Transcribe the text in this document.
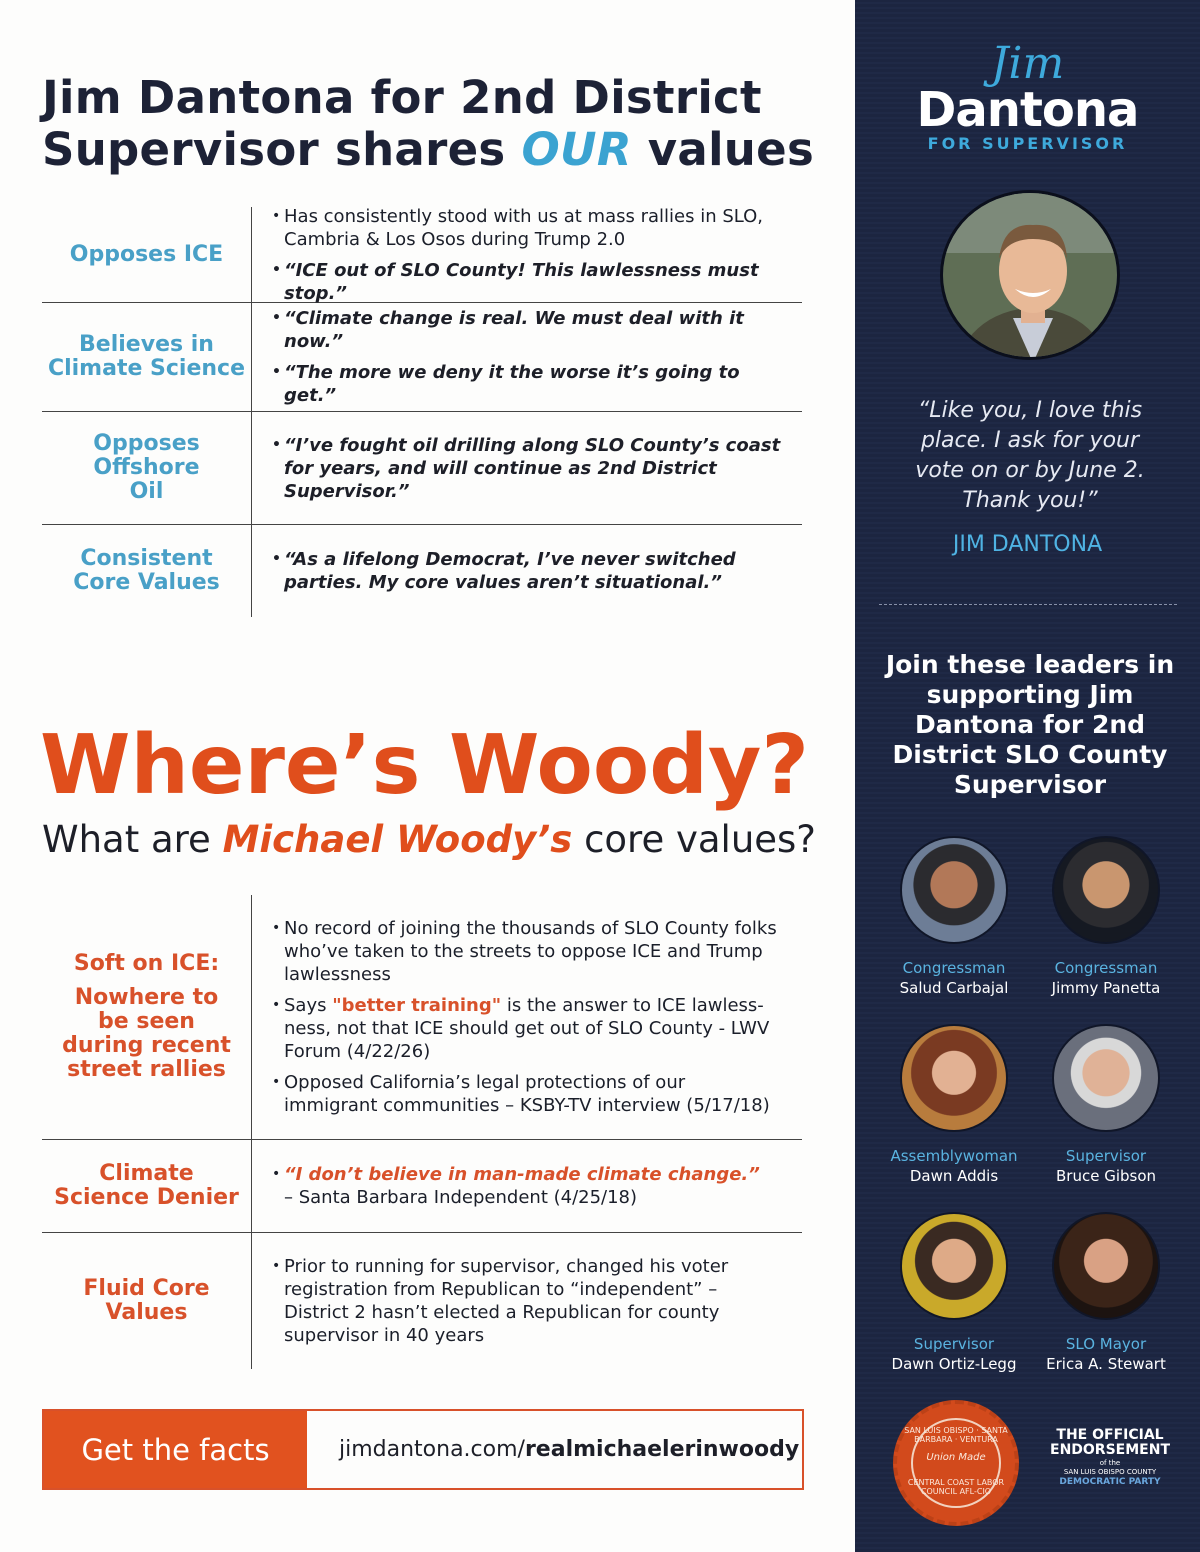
Jim Dantona for 2nd District
Supervisor shares OUR values
Opposes ICE
• Has consistently stood with us at mass rallies in SLO, Cambria & Los Osos during Trump 2.0
• “ICE out of SLO County! This lawlessness must stop.”
Believes in Climate Science
• “Climate change is real. We must deal with it now.”
• “The more we deny it the worse it’s going to get.”
Opposes Offshore Oil
• “I’ve fought oil drilling along SLO County’s coast for years, and will continue as 2nd District Supervisor.”
Consistent Core Values
• “As a lifelong Democrat, I’ve never switched parties. My core values aren’t situational.”
Where’s Woody?
What are Michael Woody’s core values?
Soft on ICE:
Nowhere to be seen during recent street rallies
• No record of joining the thousands of SLO County folks who’ve taken to the streets to oppose ICE and Trump lawlessness
• Says "better training" is the answer to ICE lawless-ness, not that ICE should get out of SLO County - LWV Forum (4/22/26)
• Opposed California’s legal protections of our immigrant communities – KSBY-TV interview (5/17/18)
Climate Science Denier
• “I don’t believe in man-made climate change.”
– Santa Barbara Independent (4/25/18)
Fluid Core Values
• Prior to running for supervisor, changed his voter registration from Republican to “independent” – District 2 hasn’t elected a Republican for county supervisor in 40 years
Get the facts	jimdantona.com/ realmichaelerinwoody
Jim
Dantona
FOR SUPERVISOR
“Like you, I love this place. I ask for your vote on or by June 2. Thank you!”
JIM DANTONA
Join these leaders in supporting Jim Dantona for 2nd District SLO County Supervisor
Congressman
Salud Carbajal
Congressman
Jimmy Panetta
Assemblywoman
Dawn Addis
Supervisor
Bruce Gibson
Supervisor
Dawn Ortiz-Legg
SLO Mayor
Erica A. Stewart
SAN LUIS OBISPO · SANTA BARBARA · VENTURA
Union Made
CENTRAL COAST LABOR COUNCIL AFL-CIO
THE OFFICIAL ENDORSEMENT
of the
SAN LUIS OBISPO COUNTY
DEMOCRATIC PARTY
